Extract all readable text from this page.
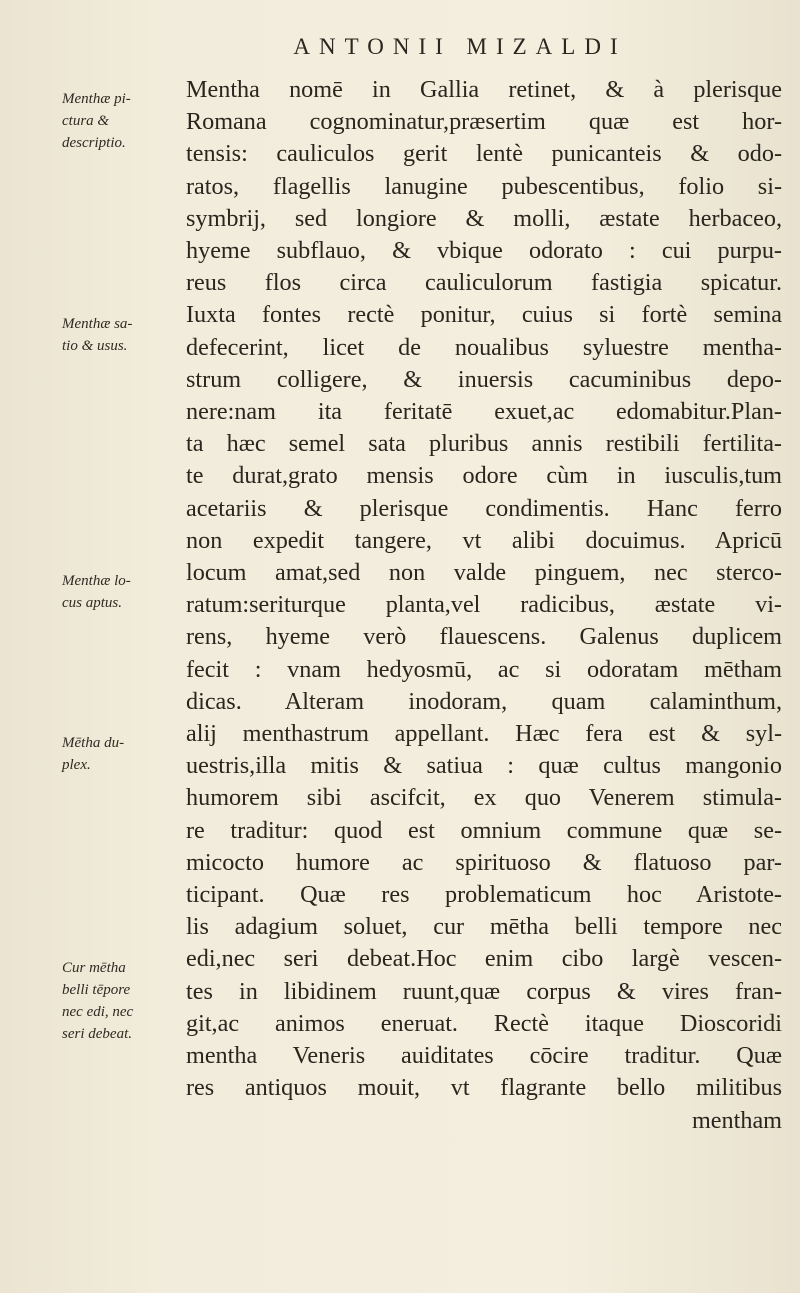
ANTONII MIZALDI
Menthæ pi-
ctura &
descriptio.
Menthæ sa-
tio & usus.
Menthæ lo-
cus aptus.
Mētha du-
plex.
Cur mētha
belli tēpore
nec edi, nec
seri debeat.
Mentha nomē in Gallia retinet, & à plerisque
Romana cognominatur,præsertim quæ est hor-
tensis: cauliculos gerit lentè punicanteis & odo-
ratos, flagellis lanugine pubescentibus, folio si-
symbrij, sed longiore & molli, æstate herbaceo,
hyeme subflauo, & vbique odorato : cui purpu-
reus flos circa cauliculorum fastigia spicatur.
Iuxta fontes rectè ponitur, cuius si fortè semina
defecerint, licet de noualibus syluestre mentha-
strum colligere, & inuersis cacuminibus depo-
nere:nam ita feritatē exuet,ac edomabitur.Plan-
ta hæc semel sata pluribus annis restibili fertilita-
te durat,grato mensis odore cùm in iusculis,tum
acetariis & plerisque condimentis. Hanc ferro
non expedit tangere, vt alibi docuimus. Apricū
locum amat,sed non valde pinguem, nec sterco-
ratum:seriturque planta,vel radicibus, æstate vi-
rens, hyeme verò flauescens. Galenus duplicem
fecit : vnam hedyosmū, ac si odoratam mētham
dicas. Alteram inodoram, quam calaminthum,
alij menthastrum appellant. Hæc fera est & syl-
uestris,illa mitis & satiua : quæ cultus mangonio
humorem sibi ascifcit, ex quo Venerem stimula-
re traditur: quod est omnium commune quæ se-
micocto humore ac spirituoso & flatuoso par-
ticipant. Quæ res problematicum hoc Aristote-
lis adagium soluet, cur mētha belli tempore nec
edi,nec seri debeat.Hoc enim cibo largè vescen-
tes in libidinem ruunt,quæ corpus & vires fran-
git,ac animos eneruat. Rectè itaque Dioscoridi
mentha Veneris auiditates cōcire traditur. Quæ
res antiquos mouit, vt flagrante bello militibus
mentham
